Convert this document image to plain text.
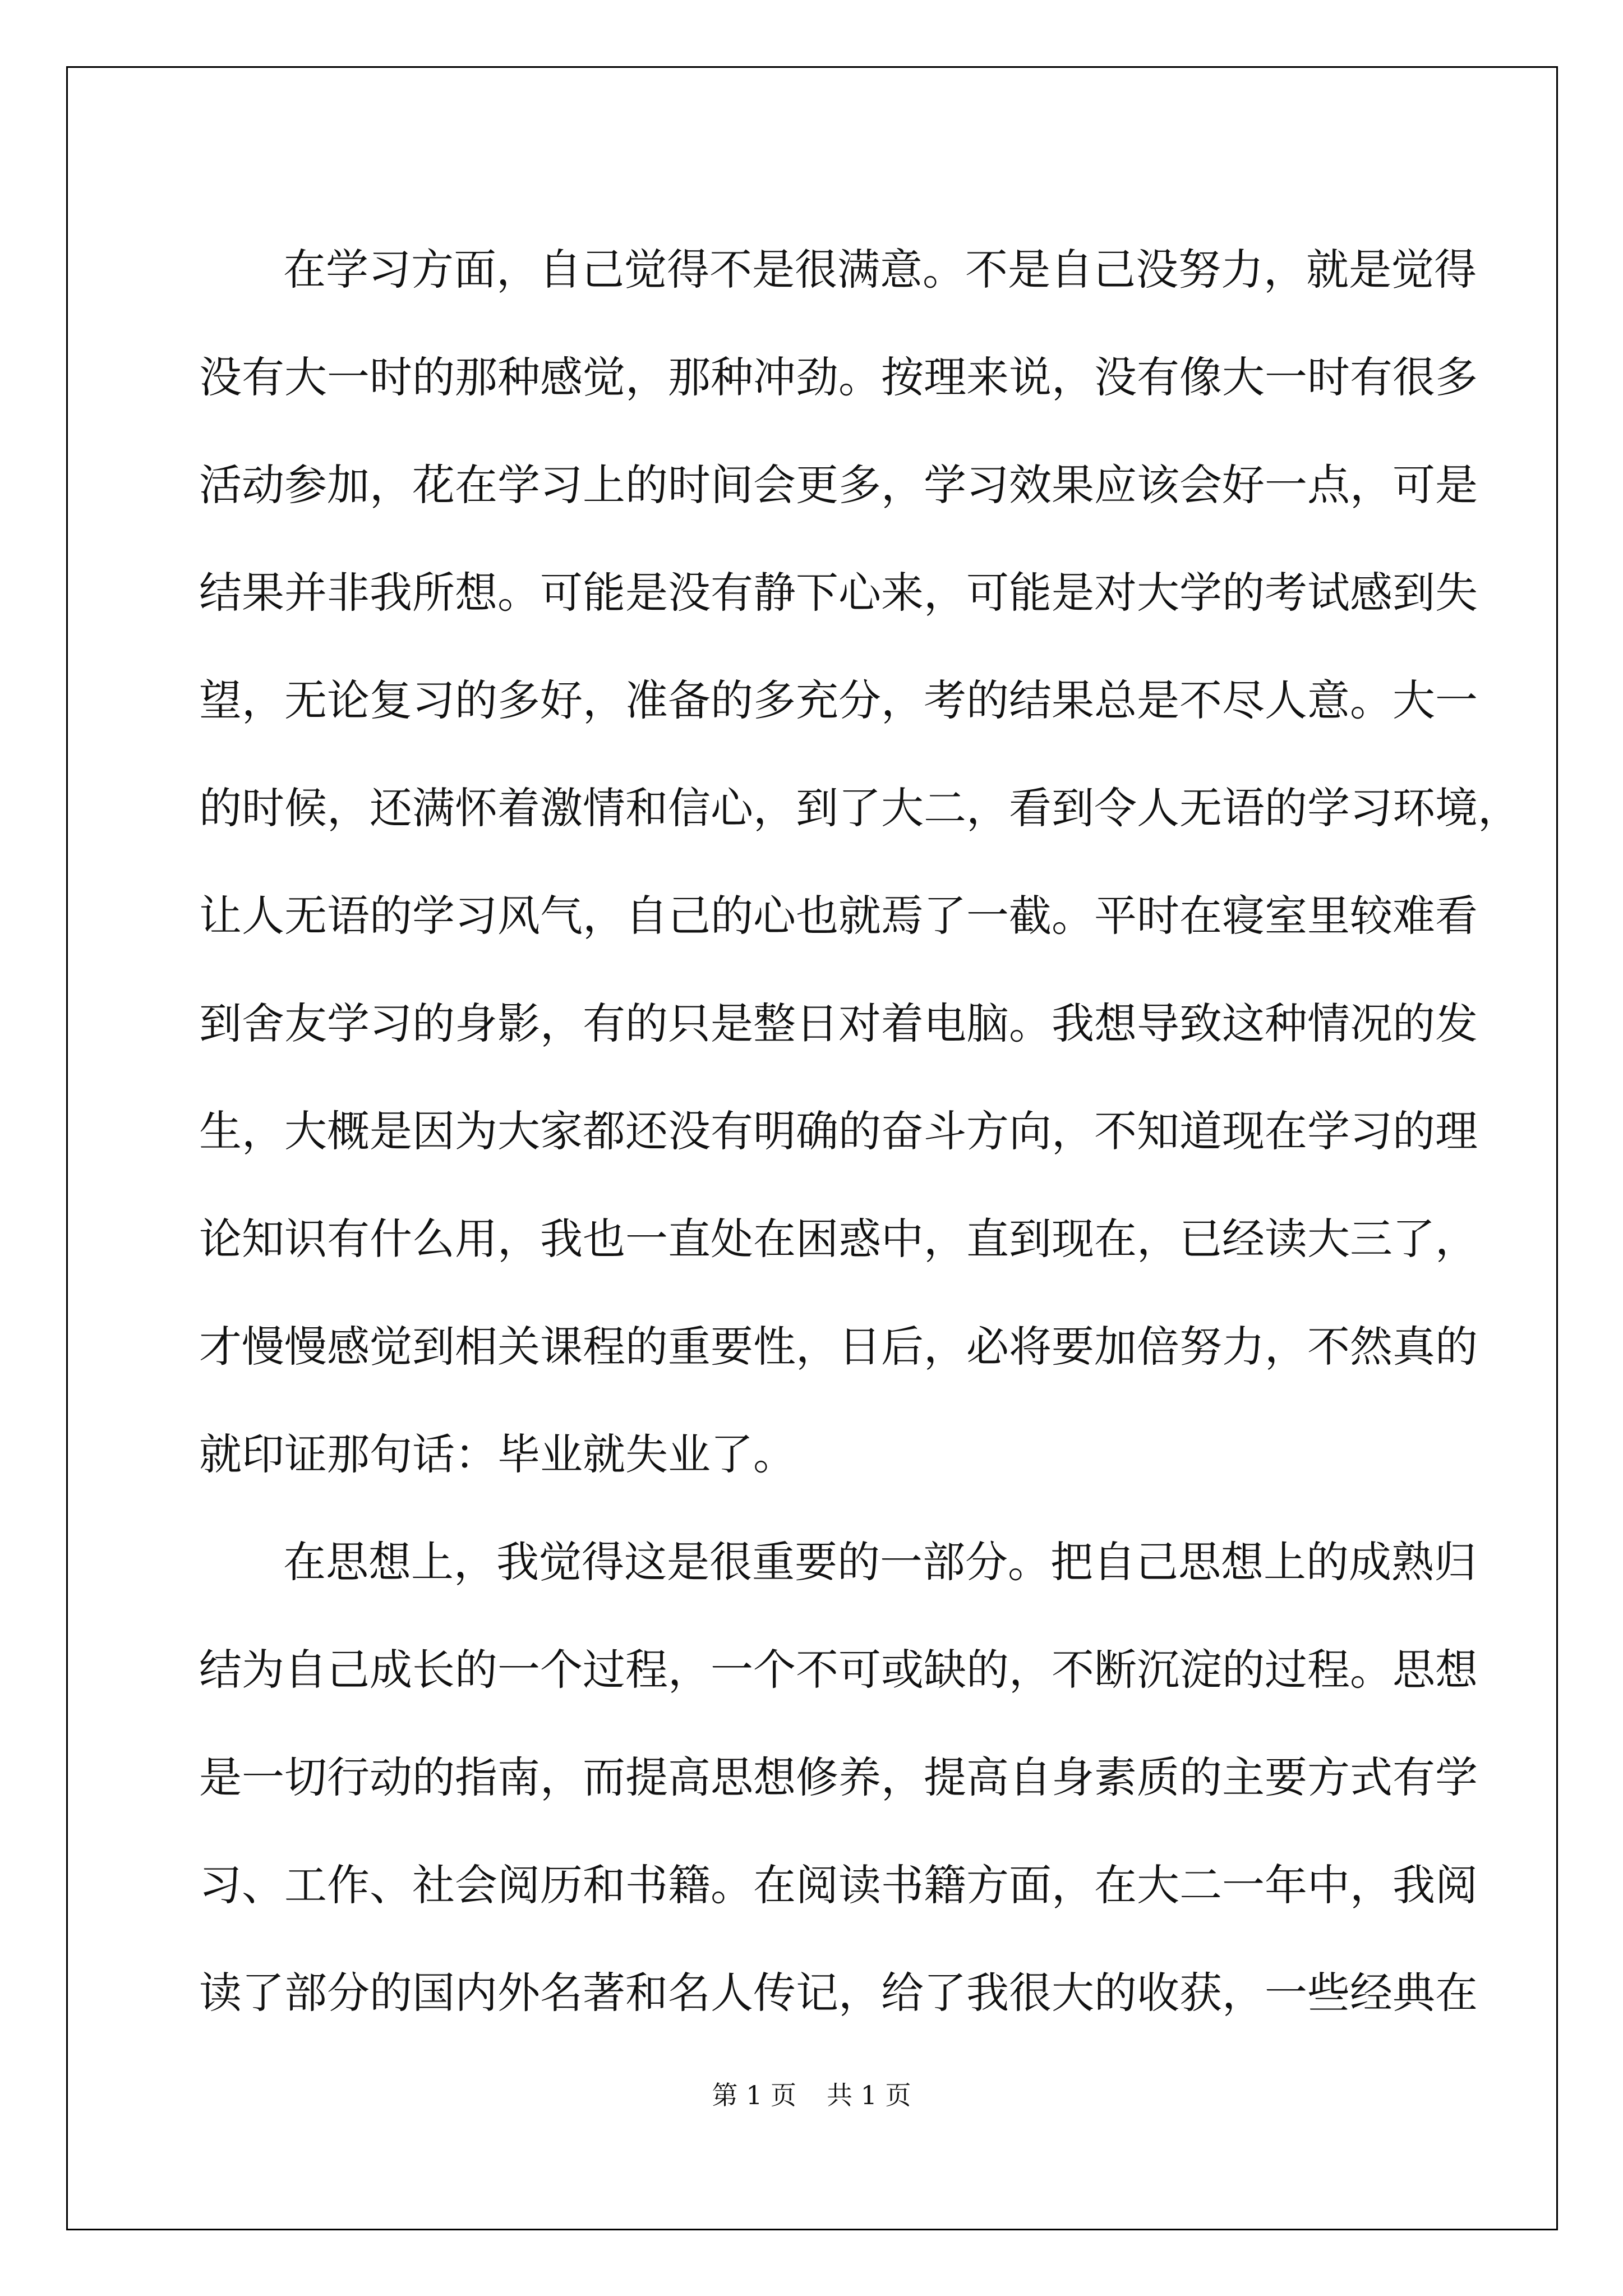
在学习方面，自己觉得不是很满意。不是自己没努力，就是觉得
没有大一时的那种感觉，那种冲劲。按理来说，没有像大一时有很多
活动参加，花在学习上的时间会更多，学习效果应该会好一点，可是
结果并非我所想。可能是没有静下心来，可能是对大学的考试感到失
望，无论复习的多好，准备的多充分，考的结果总是不尽人意。大一
的时候，还满怀着激情和信心，到了大二，看到令人无语的学习环境，
让人无语的学习风气，自己的心也就焉了一截。平时在寝室里较难看
到舍友学习的身影，有的只是整日对着电脑。我想导致这种情况的发
生，大概是因为大家都还没有明确的奋斗方向，不知道现在学习的理
论知识有什么用，我也一直处在困惑中，直到现在，已经读大三了，
才慢慢感觉到相关课程的重要性，日后，必将要加倍努力，不然真的
就印证那句话：毕业就失业了。
在思想上，我觉得这是很重要的一部分。把自己思想上的成熟归
结为自己成长的一个过程，一个不可或缺的，不断沉淀的过程。思想
是一切行动的指南，而提高思想修养，提高自身素质的主要方式有学
习、工作、社会阅历和书籍。在阅读书籍方面，在大二一年中，我阅
读了部分的国内外名著和名人传记，给了我很大的收获，一些经典在
第 1 页 共 1 页
